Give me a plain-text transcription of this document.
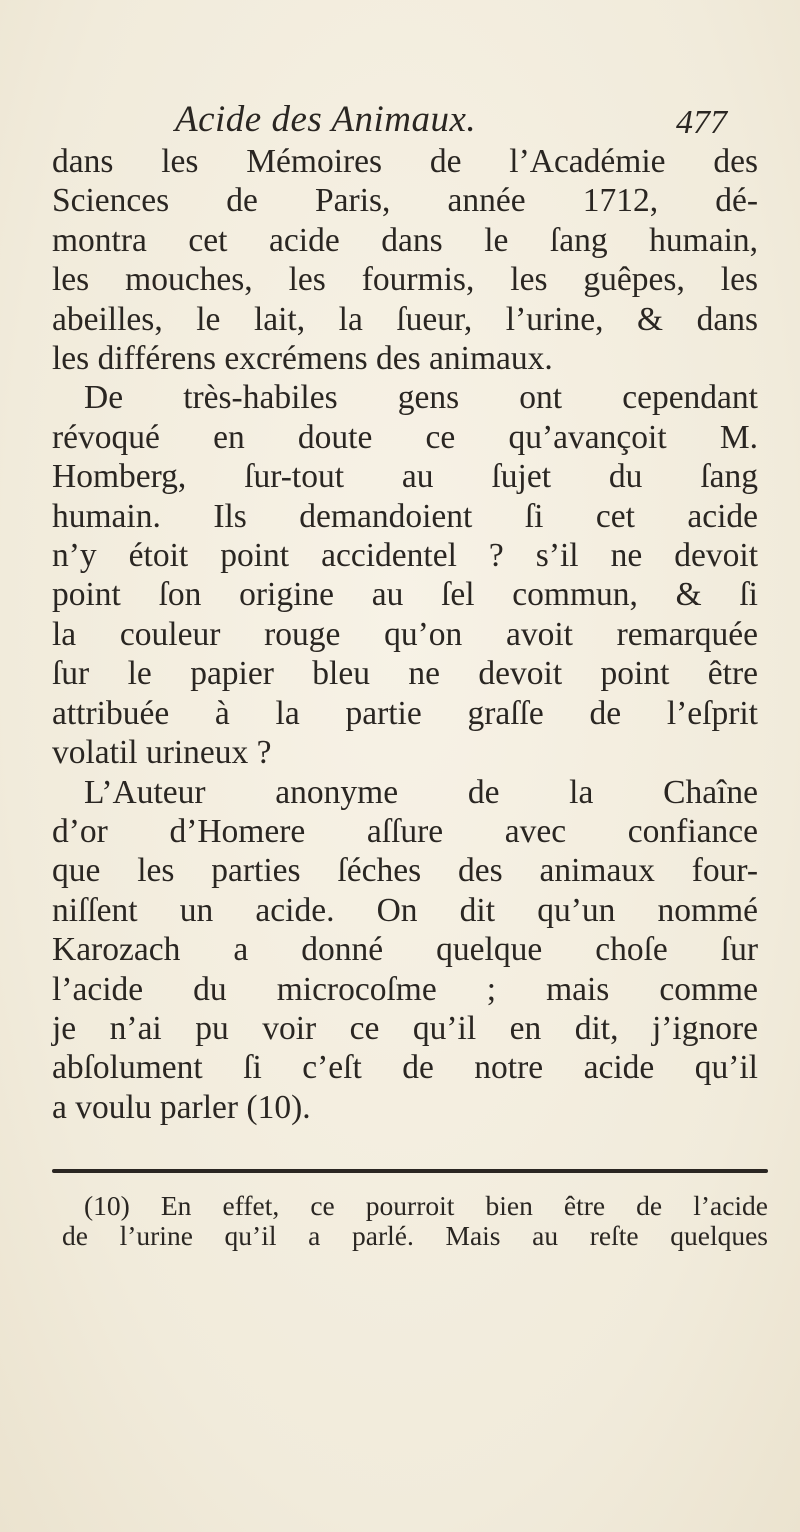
Acide des Animaux.	477
dans les Mémoires de l’Académie des
Sciences de Paris, année 1712, dé-
montra cet acide dans le ſang humain,
les mouches, les fourmis, les guêpes, les
abeilles, le lait, la ſueur, l’urine, & dans
les différens excrémens des animaux.
De très-habiles gens ont cependant
révoqué en doute ce qu’avançoit M.
Homberg, ſur-tout au ſujet du ſang
humain. Ils demandoient ſi cet acide
n’y étoit point accidentel ? s’il ne devoit
point ſon origine au ſel commun, & ſi
la couleur rouge qu’on avoit remarquée
ſur le papier bleu ne devoit point être
attribuée à la partie graſſe de l’eſprit
volatil urineux ?
L’Auteur anonyme de la Chaîne
d’or d’Homere aſſure avec confiance
que les parties ſéches des animaux four-
niſſent un acide. On dit qu’un nommé
Karozach a donné quelque choſe ſur
l’acide du microcoſme ; mais comme
je n’ai pu voir ce qu’il en dit, j’ignore
abſolument ſi c’eſt de notre acide qu’il
a voulu parler (10).
(10) En effet, ce pourroit bien être de l’acide
de l’urine qu’il a parlé. Mais au reſte quelques
